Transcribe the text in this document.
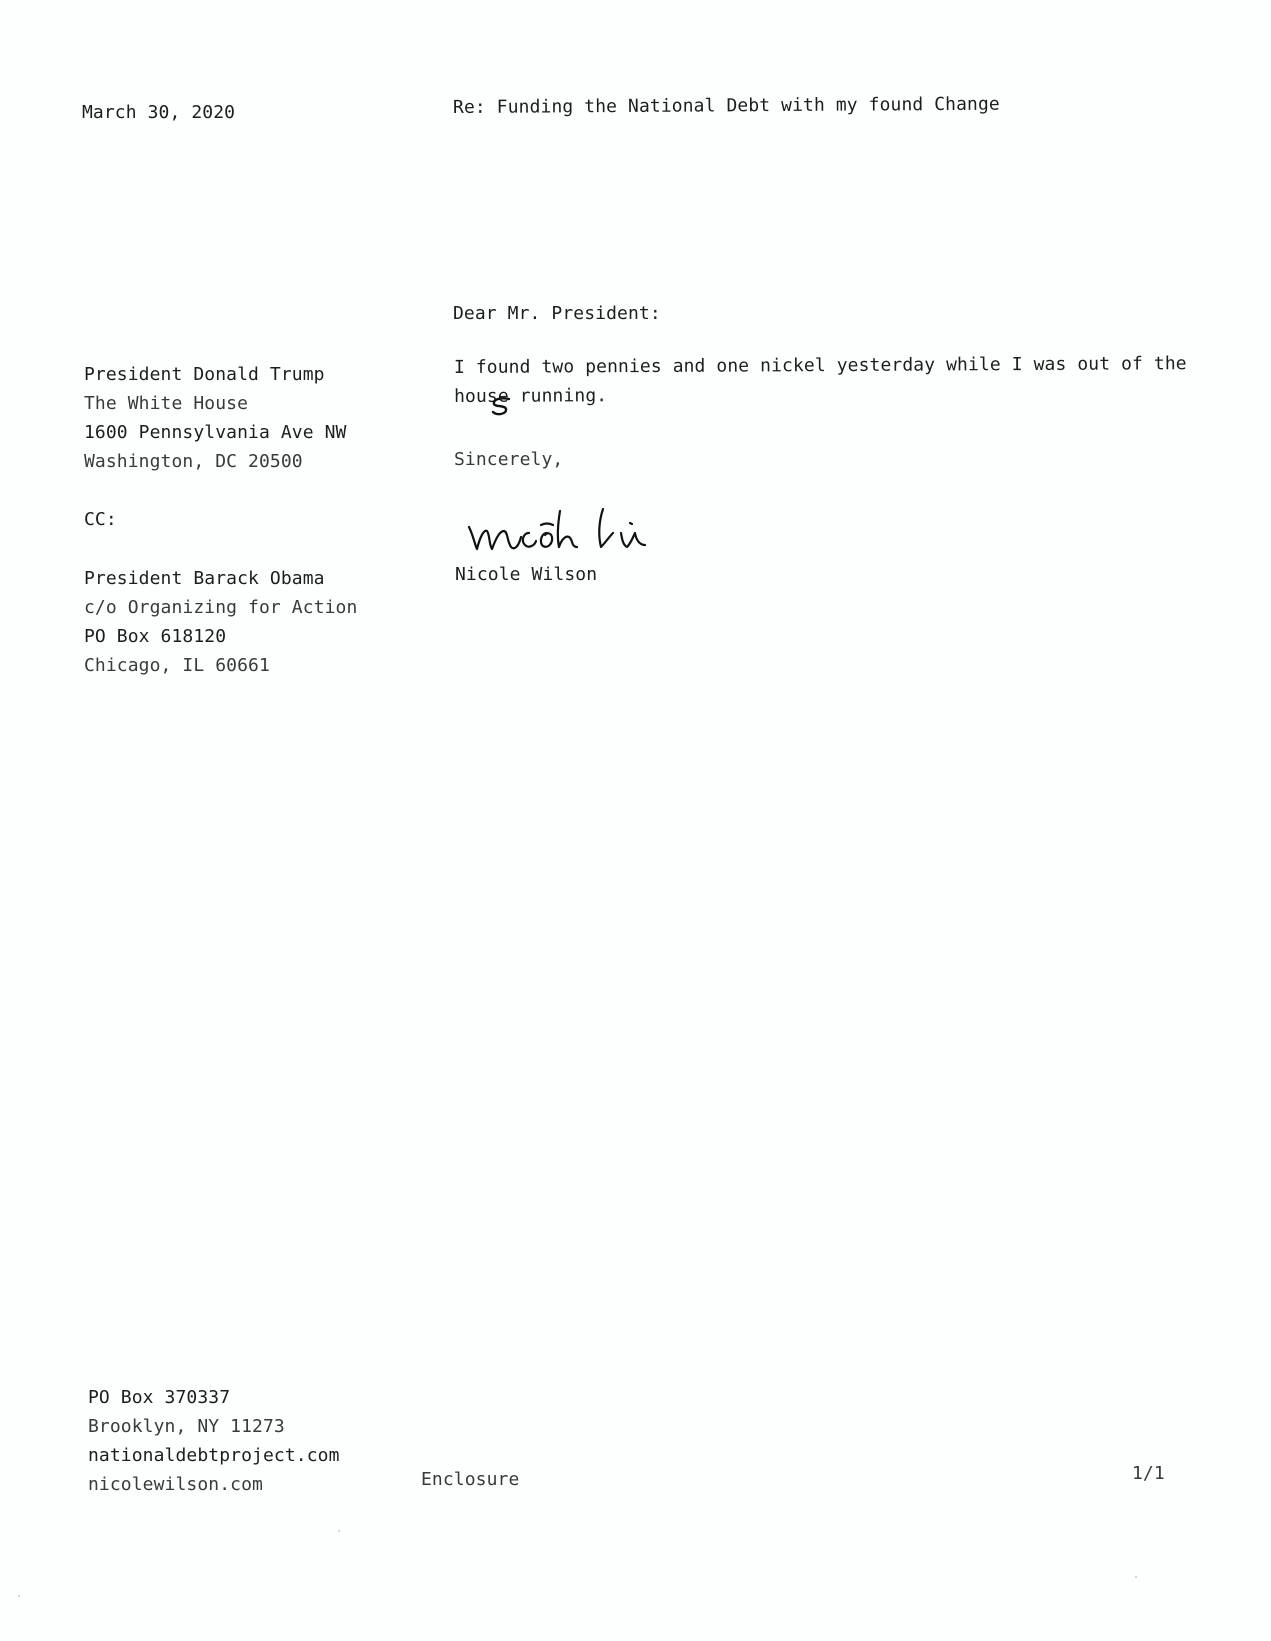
March 30, 2020	Re: Funding the National Debt with my found Change
Dear Mr. President:
President Donald Trump
The White House
1600 Pennsylvania Ave NW
Washington, DC 20500
I found two pennies and one nickel yesterday while I was out of the
house running.
Sincerely,
Nicole Wilson
CC:
President Barack Obama
c/o Organizing for Action
PO Box 618120
Chicago, IL 60661
PO Box 370337
Brooklyn, NY 11273
nationaldebtproject.com
nicolewilson.com	Enclosure	1/1
